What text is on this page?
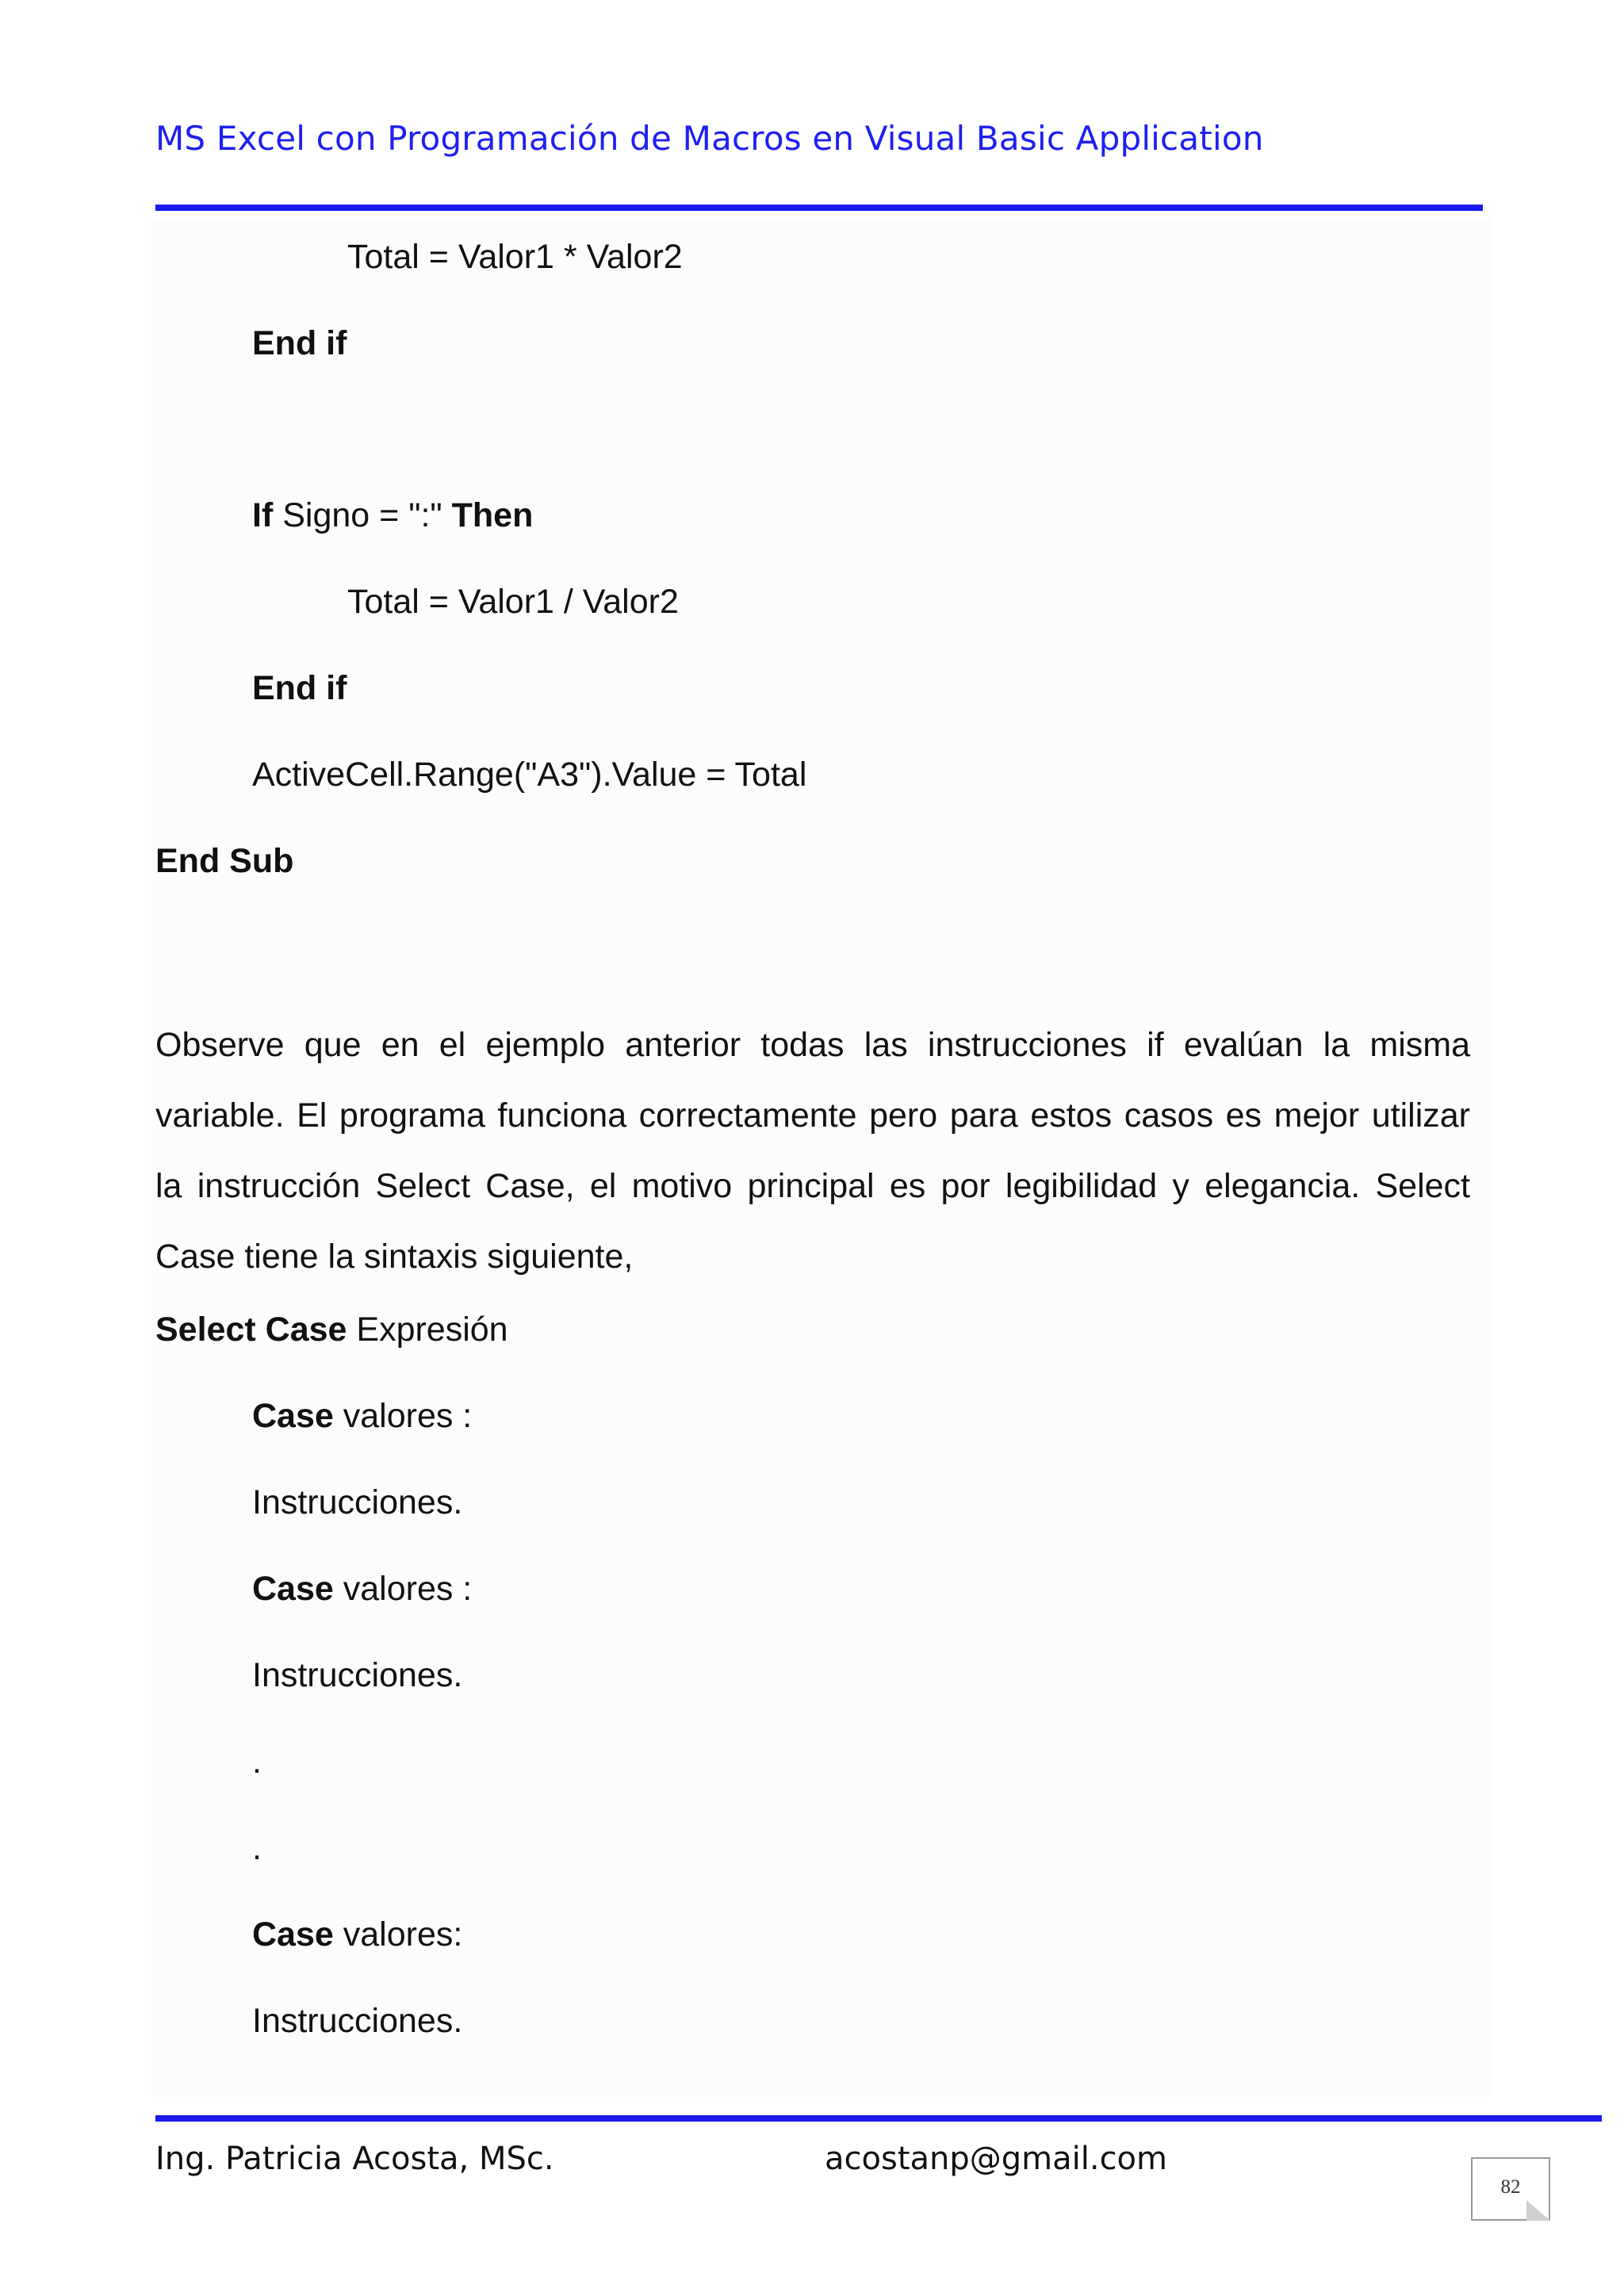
MS Excel con Programación de Macros en Visual Basic Application
Total = Valor1 * Valor2
End if
If Signo = ":" Then
Total = Valor1 / Valor2
End if
ActiveCell.Range("A3").Value = Total
End Sub
Observe que en el ejemplo anterior todas las instrucciones if evalúan la misma variable. El programa funciona correctamente pero para estos casos es mejor utilizar la instrucción Select Case, el motivo principal es por legibilidad y elegancia. Select Case tiene la sintaxis siguiente,
Select Case Expresión
Case valores :
Instrucciones.
Case valores :
Instrucciones.
.
.
Case valores:
Instrucciones.
Ing. Patricia Acosta, MSc.	acostanp@gmail.com
82
